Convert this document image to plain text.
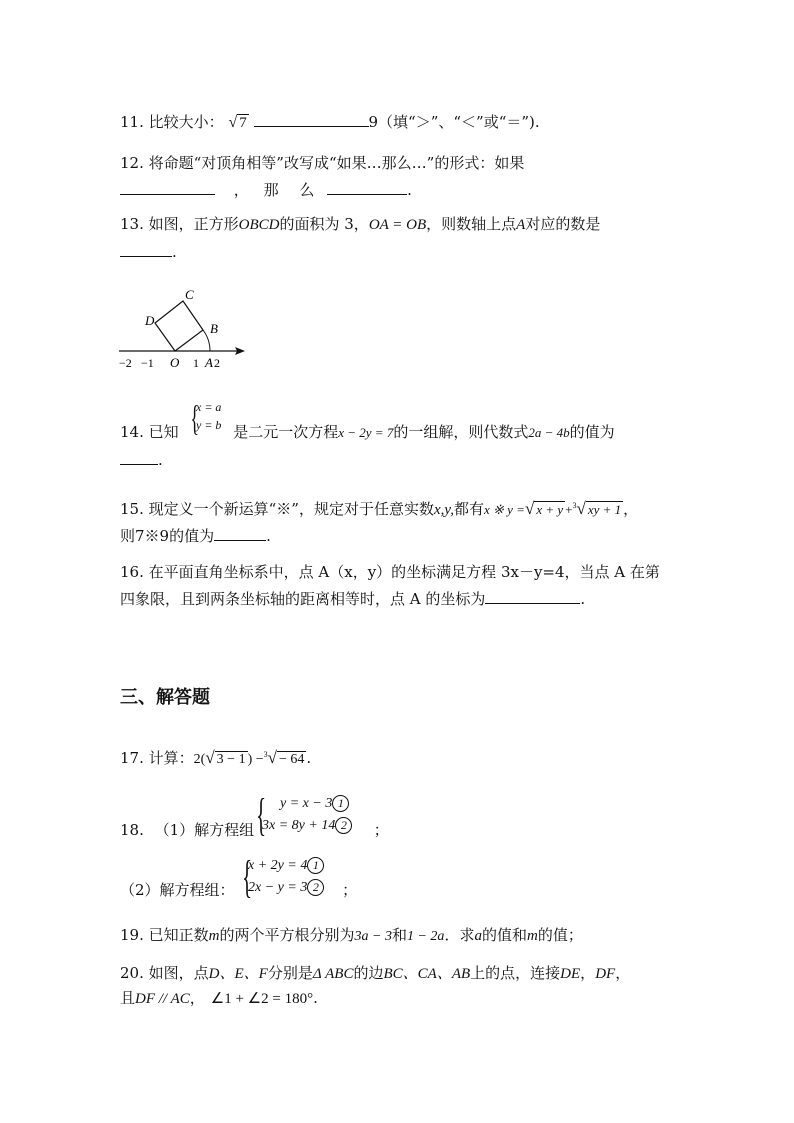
11. 比较大小： √ 7	9（填“＞”、“＜”或“＝”).
12. 将命题“对顶角相等”改写成“如果…那么…”的形式：如果
， 那 么	.
13. 如图，正方形OBCD的面积为 3，OA = OB，则数轴上点A对应的数是
.
C
D
B
−2 −1 O 1 A 2
14. 已知	是二元一次方程x − 2y = 7的一组解，则代数式2a − 4b的值为
{
x = a
y = b
.
15. 现定义一个新运算“※”，规定对于任意实数x,y,都有x ※ y =√ x + y +$^3$√ xy + 1 ，
则7※9的值为	.
16. 在平面直角坐标系中，点 A（x，y）的坐标满足方程 3x－y=4，当点 A 在第
四象限，且到两条坐标轴的距离相等时，点 A 的坐标为	.
三、解答题
17. 计算：2(√ 3 − 1 ) −$^3$√ − 64 .
18. （1）解方程组	；
{ y = x − 3 1
3x = 8y + 14 2
（2）解方程组：	；
{
x + 2y = 4 1
2x − y = 3 2
19. 已知正数m的两个平方根分别为3a − 3和1 − 2a．求a的值和m的值；
20. 如图，点D、E、F分别是Δ ABC的边BC、CA、AB上的点，连接DE，DF，
且DF // AC， ∠1 + ∠2 = 180°.
